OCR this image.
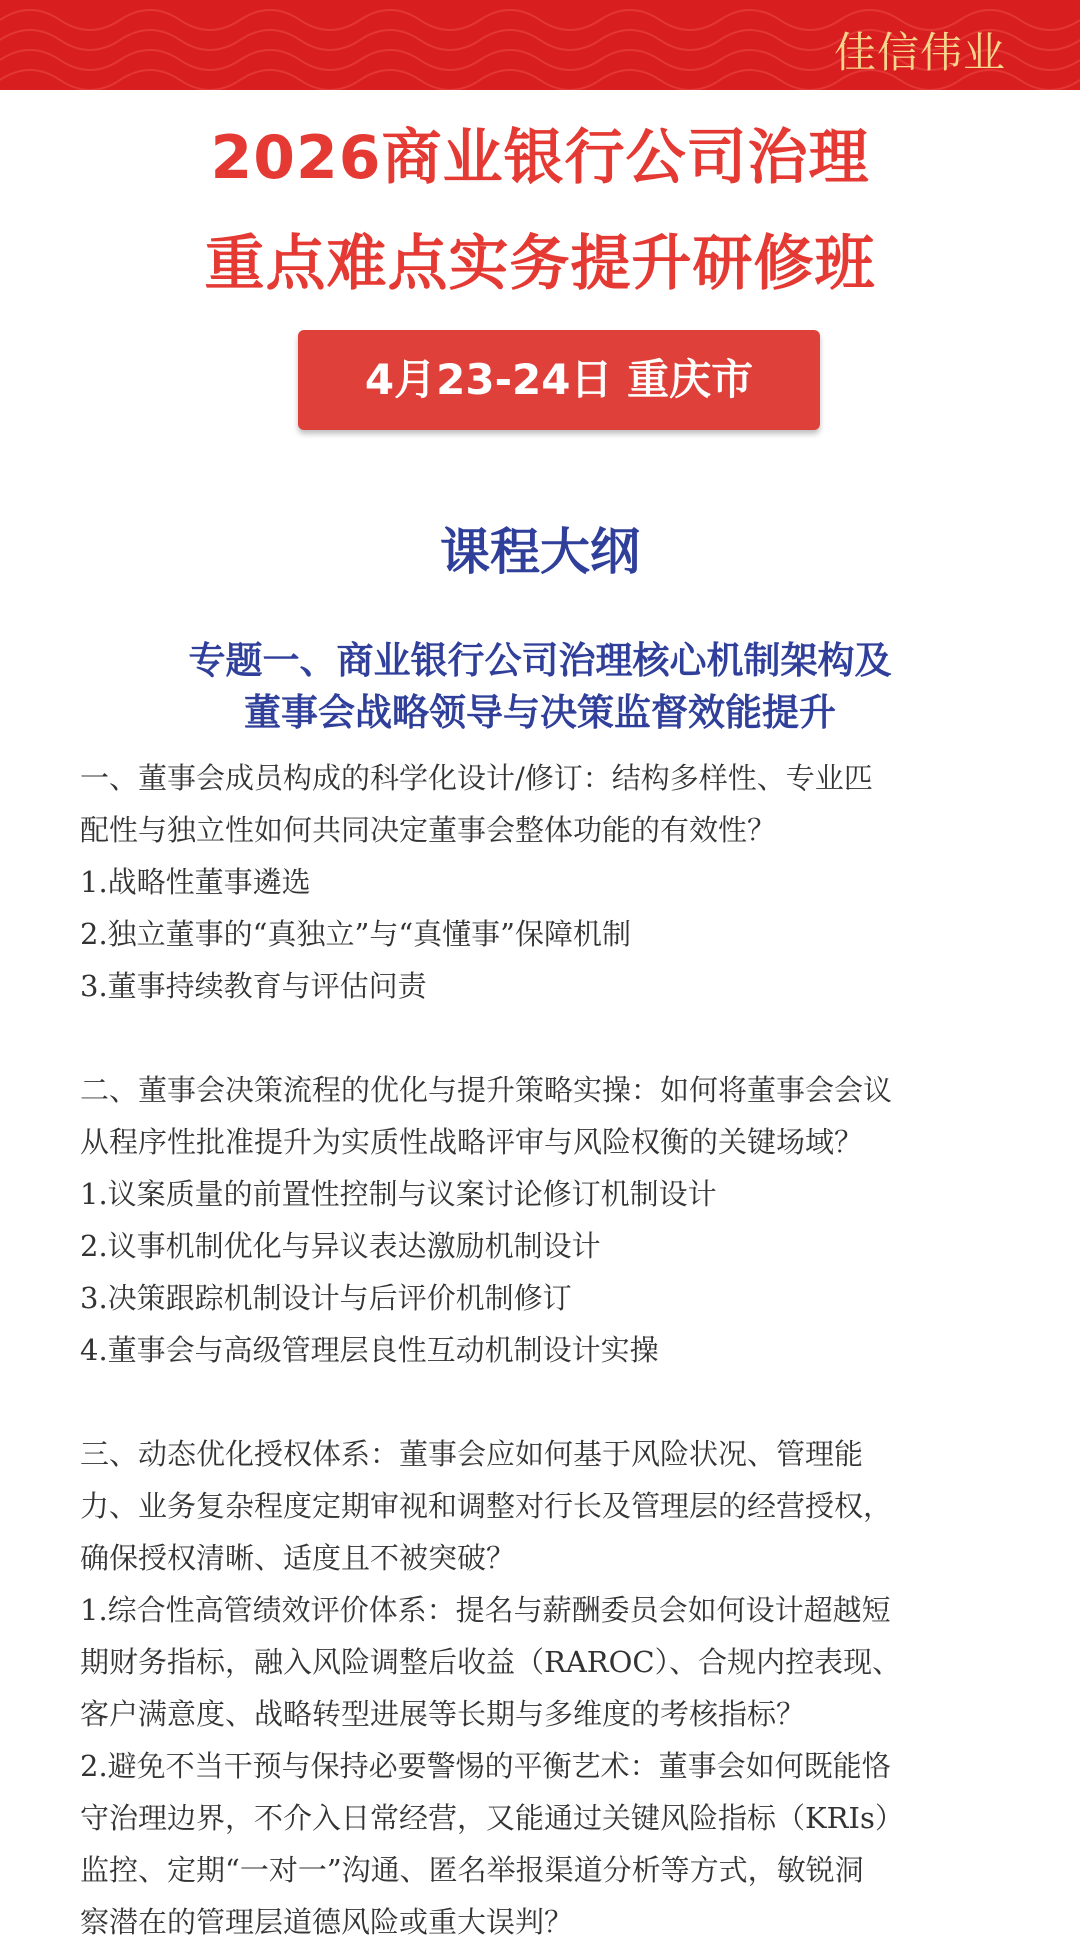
佳信伟业
2026商业银行公司治理
重点难点实务提升研修班
4月23-24日 重庆市
课程大纲
专题一、商业银行公司治理核心机制架构及
董事会战略领导与决策监督效能提升
一、董事会成员构成的科学化设计/修订：结构多样性、专业匹
配性与独立性如何共同决定董事会整体功能的有效性？
1.战略性董事遴选
2.独立董事的“真独立”与“真懂事”保障机制
3.董事持续教育与评估问责
二、董事会决策流程的优化与提升策略实操：如何将董事会会议
从程序性批准提升为实质性战略评审与风险权衡的关键场域？
1.议案质量的前置性控制与议案讨论修订机制设计
2.议事机制优化与异议表达激励机制设计
3.决策跟踪机制设计与后评价机制修订
4.董事会与高级管理层良性互动机制设计实操
三、动态优化授权体系：董事会应如何基于风险状况、管理能
力、业务复杂程度定期审视和调整对行长及管理层的经营授权，
确保授权清晰、适度且不被突破？
1.综合性高管绩效评价体系：提名与薪酬委员会如何设计超越短
期财务指标，融入风险调整后收益（RAROC）、合规内控表现、
客户满意度、战略转型进展等长期与多维度的考核指标？
2.避免不当干预与保持必要警惕的平衡艺术：董事会如何既能恪
守治理边界，不介入日常经营，又能通过关键风险指标（KRIs）
监控、定期“一对一”沟通、匿名举报渠道分析等方式，敏锐洞
察潜在的管理层道德风险或重大误判？
